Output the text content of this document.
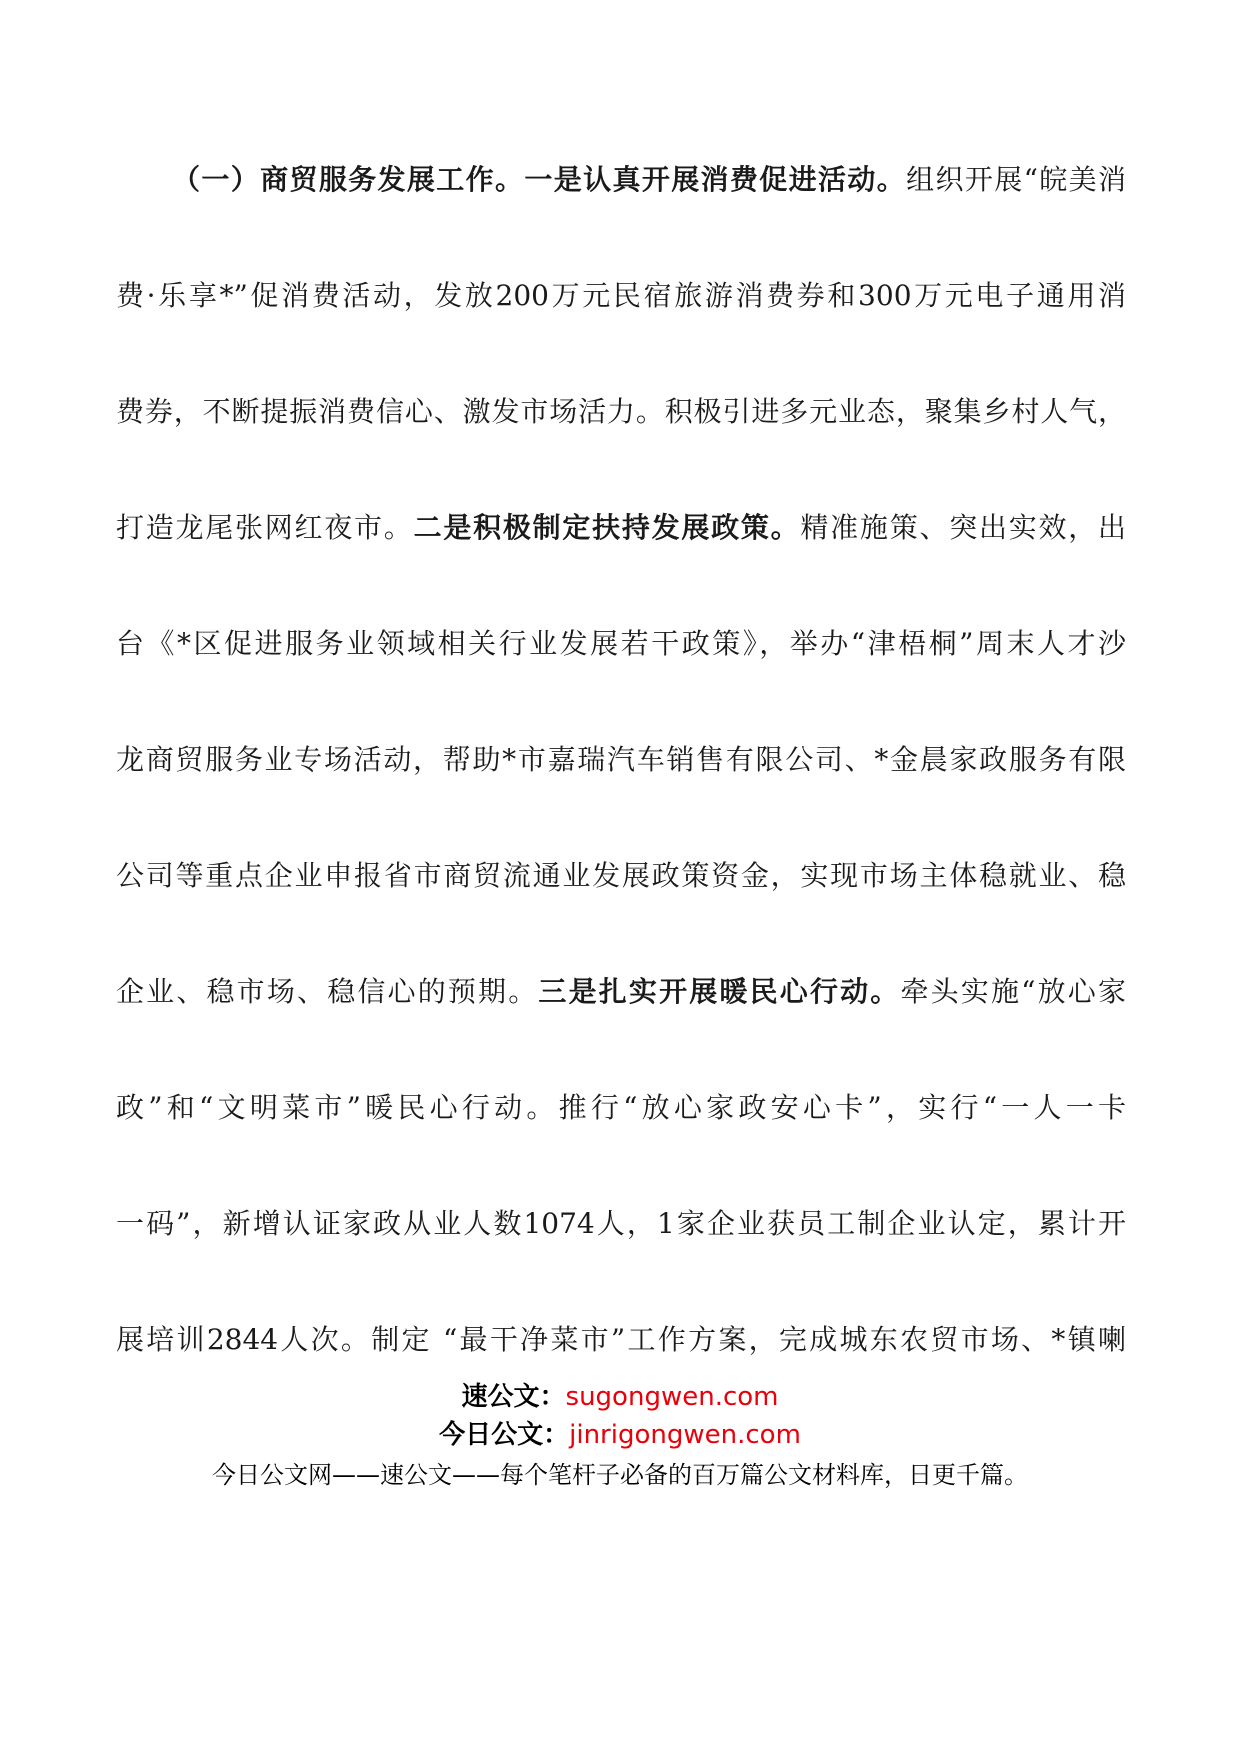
（一）商贸服务发展工作。一是认真开展消费促进活动。组织开展“皖美消
费·乐享*”促消费活动，发放200万元民宿旅游消费券和300万元电子通用消
费券，不断提振消费信心、激发市场活力。积极引进多元业态，聚集乡村人气，
打造龙尾张网红夜市。二是积极制定扶持发展政策。精准施策、突出实效，出
台《*区促进服务业领域相关行业发展若干政策》，举办“津梧桐”周末人才沙
龙商贸服务业专场活动，帮助*市嘉瑞汽车销售有限公司、*金晨家政服务有限
公司等重点企业申报省市商贸流通业发展政策资金，实现市场主体稳就业、稳
企业、稳市场、稳信心的预期。三是扎实开展暖民心行动。牵头实施“放心家
政”和“文明菜市”暖民心行动。推行“放心家政安心卡”，实行“一人一卡
一码”，新增认证家政从业人数1074人，1家企业获员工制企业认定，累计开
展培训2844人次。制定 “最干净菜市”工作方案，完成城东农贸市场、*镇喇
速公文：sugongwen.com
今日公文：jinrigongwen.com
今日公文网——速公文——每个笔杆子必备的百万篇公文材料库，日更千篇。
